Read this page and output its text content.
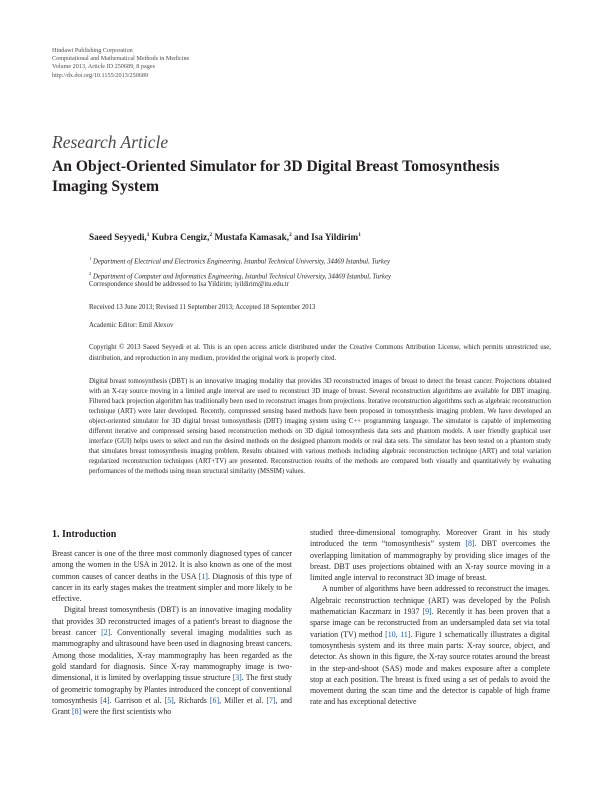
Hindawi Publishing Corporation
Computational and Mathematical Methods in Medicine
Volume 2013, Article ID 250689, 8 pages
http://dx.doi.org/10.1155/2013/250689
Research Article
An Object-Oriented Simulator for 3D Digital Breast Tomosynthesis Imaging System
Saeed Seyyedi,$^1$ Kubra Cengiz,$^2$ Mustafa Kamasak,$^2$ and Isa Yildirim$^1$
$^1$ Department of Electrical and Electronics Engineering, Istanbul Technical University, 34469 Istanbul, Turkey
$^2$ Department of Computer and Informatics Engineering, Istanbul Technical University, 34469 Istanbul, Turkey
Correspondence should be addressed to Isa Yildirim; iyildirim@itu.edu.tr
Received 13 June 2013; Revised 11 September 2013; Accepted 18 September 2013
Academic Editor: Emil Alexov
Copyright © 2013 Saeed Seyyedi et al. This is an open access article distributed under the Creative Commons Attribution License, which permits unrestricted use, distribution, and reproduction in any medium, provided the original work is properly cited.
Digital breast tomosynthesis (DBT) is an innovative imaging modality that provides 3D reconstructed images of breast to detect the breast cancer. Projections obtained with an X-ray source moving in a limited angle interval are used to reconstruct 3D image of breast. Several reconstruction algorithms are available for DBT imaging. Filtered back projection algorithm has traditionally been used to reconstruct images from projections. Iterative reconstruction algorithms such as algebraic reconstruction technique (ART) were later developed. Recently, compressed sensing based methods have been proposed in tomosynthesis imaging problem. We have developed an object-oriented simulator for 3D digital breast tomosynthesis (DBT) imaging system using C++ programming language. The simulator is capable of implementing different iterative and compressed sensing based reconstruction methods on 3D digital tomosynthesis data sets and phantom models. A user friendly graphical user interface (GUI) helps users to select and run the desired methods on the designed phantom models or real data sets. The simulator has been tested on a phantom study that simulates breast tomosynthesis imaging problem. Results obtained with various methods including algebraic reconstruction technique (ART) and total variation regularized reconstruction techniques (ART+TV) are presented. Reconstruction results of the methods are compared both visually and quantitatively by evaluating performances of the methods using mean structural similarity (MSSIM) values.
1. Introduction

Breast cancer is one of the three most commonly diagnosed types of cancer among the women in the USA in 2012. It is also known as one of the most common causes of cancer deaths in the USA [1]. Diagnosis of this type of cancer in its early stages makes the treatment simpler and more likely to be effective.

Digital breast tomosynthesis (DBT) is an innovative imaging modality that provides 3D reconstructed images of a patient's breast to diagnose the breast cancer [2]. Conventionally several imaging modalities such as mammography and ultrasound have been used in diagnosing breast cancers. Among those modalities, X-ray mammography has been regarded as the gold standard for diagnosis. Since X-ray mammography image is two-dimensional, it is limited by overlapping tissue structure [3]. The first study of geometric tomography by Plantes introduced the concept of conventional tomosynthesis [4]. Garrison et al. [5], Richards [6], Miller et al. [7], and Grant [8] were the first scientists who

studied three-dimensional tomography. Moreover Grant in his study introduced the term “tomosynthesis” system [8]. DBT overcomes the overlapping limitation of mammography by providing slice images of the breast. DBT uses projections obtained with an X-ray source moving in a limited angle interval to reconstruct 3D image of breast.

A number of algorithms have been addressed to reconstruct the images. Algebraic reconstruction technique (ART) was developed by the Polish mathematician Kaczmarz in 1937 [9]. Recently it has been proven that a sparse image can be reconstructed from an undersampled data set via total variation (TV) method [10, 11]. Figure 1 schematically illustrates a digital tomosynthesis system and its three main parts: X-ray source, object, and detector. As shown in this figure, the X-ray source rotates around the breast in the step-and-shoot (SAS) mode and makes exposure after a complete stop at each position. The breast is fixed using a set of pedals to avoid the movement during the scan time and the detector is capable of high frame rate and has exceptional detective
